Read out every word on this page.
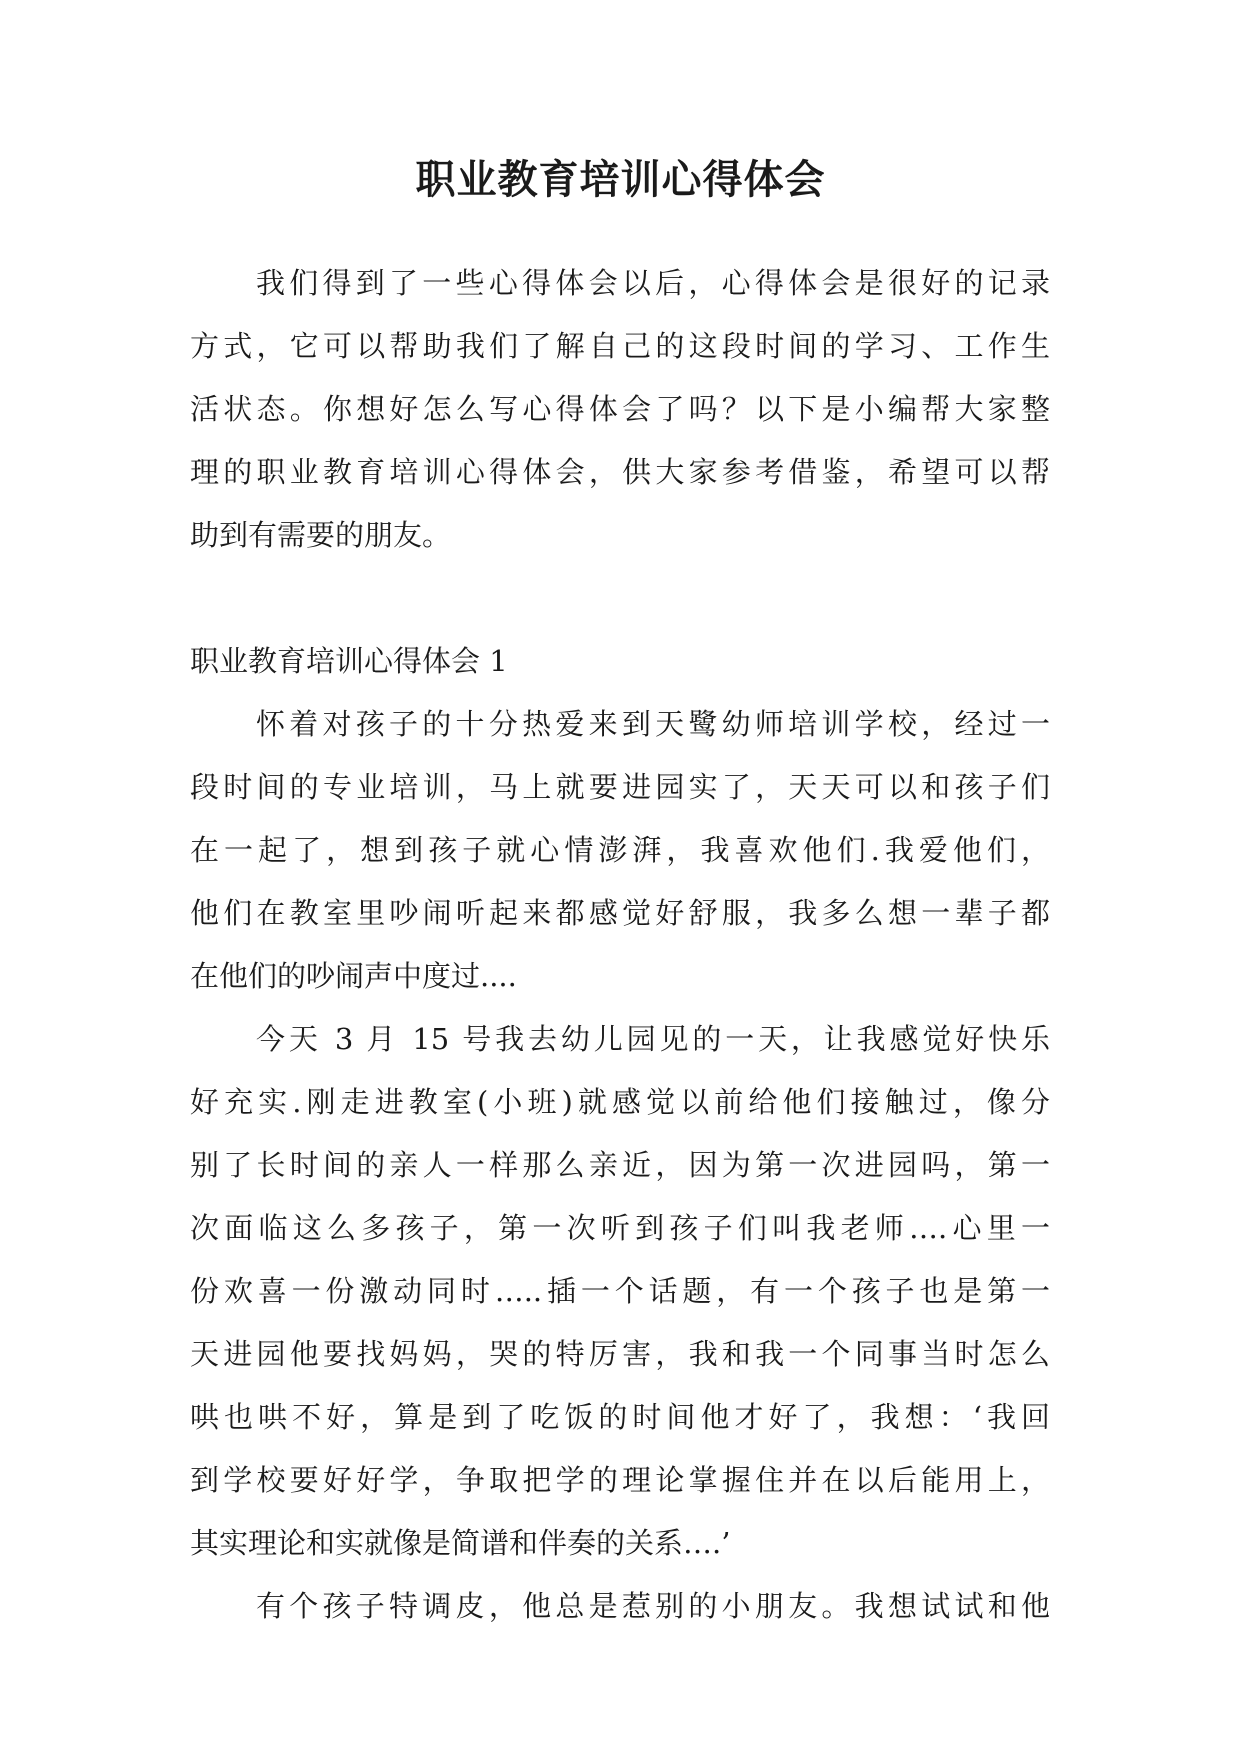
职业教育培训心得体会
我们得到了一些心得体会以后，心得体会是很好的记录
方式，它可以帮助我们了解自己的这段时间的学习、工作生
活状态。你想好怎么写心得体会了吗？以下是小编帮大家整
理的职业教育培训心得体会，供大家参考借鉴，希望可以帮
助到有需要的朋友。
职业教育培训心得体会 1
怀着对孩子的十分热爱来到天鹭幼师培训学校，经过一
段时间的专业培训，马上就要进园实了，天天可以和孩子们
在一起了，想到孩子就心情澎湃，我喜欢他们.我爱他们，
他们在教室里吵闹听起来都感觉好舒服，我多么想一辈子都
在他们的吵闹声中度过....
今天 3 月 15 号我去幼儿园见的一天，让我感觉好快乐
好充实.刚走进教室(小班)就感觉以前给他们接触过，像分
别了长时间的亲人一样那么亲近，因为第一次进园吗，第一
次面临这么多孩子，第一次听到孩子们叫我老师….心里一
份欢喜一份激动同时…..插一个话题，有一个孩子也是第一
天进园他要找妈妈，哭的特厉害，我和我一个同事当时怎么
哄也哄不好，算是到了吃饭的时间他才好了，我想：‘我回
到学校要好好学，争取把学的理论掌握住并在以后能用上，
其实理论和实就像是简谱和伴奏的关系….’
有个孩子特调皮，他总是惹别的小朋友。我想试试和他
